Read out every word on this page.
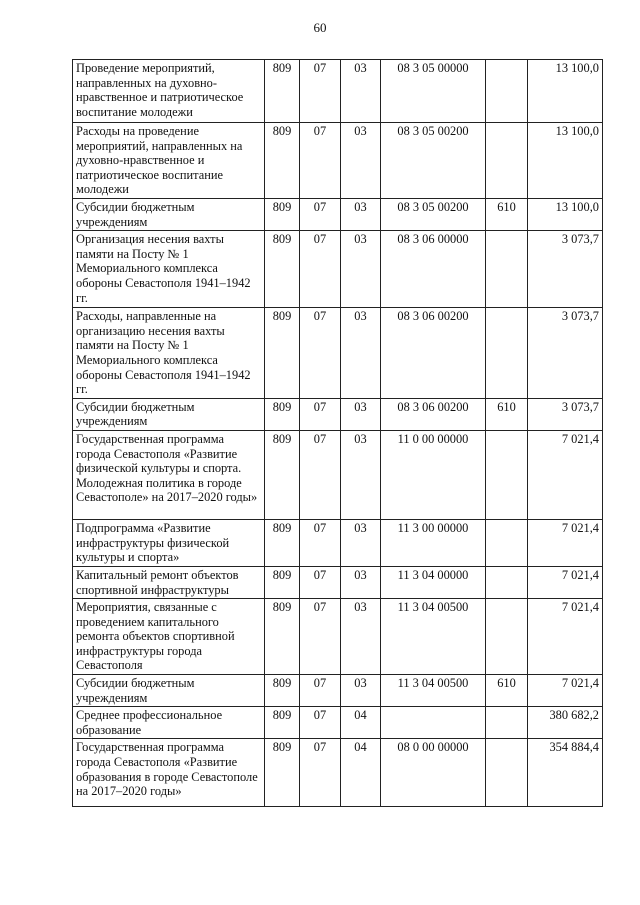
60
Проведение мероприятий, направленных на духовно-нравственное и патриотическое воспитание молодежи	809	07	03	08 3 05 00000		13 100,0
Расходы на проведение мероприятий, направленных на духовно-нравственное и патриотическое воспитание молодежи	809	07	03	08 3 05 00200		13 100,0
Субсидии бюджетным учреждениям	809	07	03	08 3 05 00200	610	13 100,0
Организация несения вахты памяти на Посту № 1 Мемориального комплекса обороны Севастополя 1941–1942 гг.	809	07	03	08 3 06 00000		3 073,7
Расходы, направленные на организацию несения вахты памяти на Посту № 1 Мемориального комплекса обороны Севастополя 1941–1942 гг.	809	07	03	08 3 06 00200		3 073,7
Субсидии бюджетным учреждениям	809	07	03	08 3 06 00200	610	3 073,7
Государственная программа города Севастополя «Развитие физической культуры и спорта. Молодежная политика в городе Севастополе» на 2017–2020 годы»	809	07	03	11 0 00 00000		7 021,4
Подпрограмма «Развитие инфраструктуры физической культуры и спорта»	809	07	03	11 3 00 00000		7 021,4
Капитальный ремонт объектов спортивной инфраструктуры	809	07	03	11 3 04 00000		7 021,4
Мероприятия, связанные с проведением капитального ремонта объектов спортивной инфраструктуры города Севастополя	809	07	03	11 3 04 00500		7 021,4
Субсидии бюджетным учреждениям	809	07	03	11 3 04 00500	610	7 021,4
Среднее профессиональное образование	809	07	04			380 682,2
Государственная программа города Севастополя «Развитие образования в городе Севастополе на 2017–2020 годы»	809	07	04	08 0 00 00000		354 884,4
